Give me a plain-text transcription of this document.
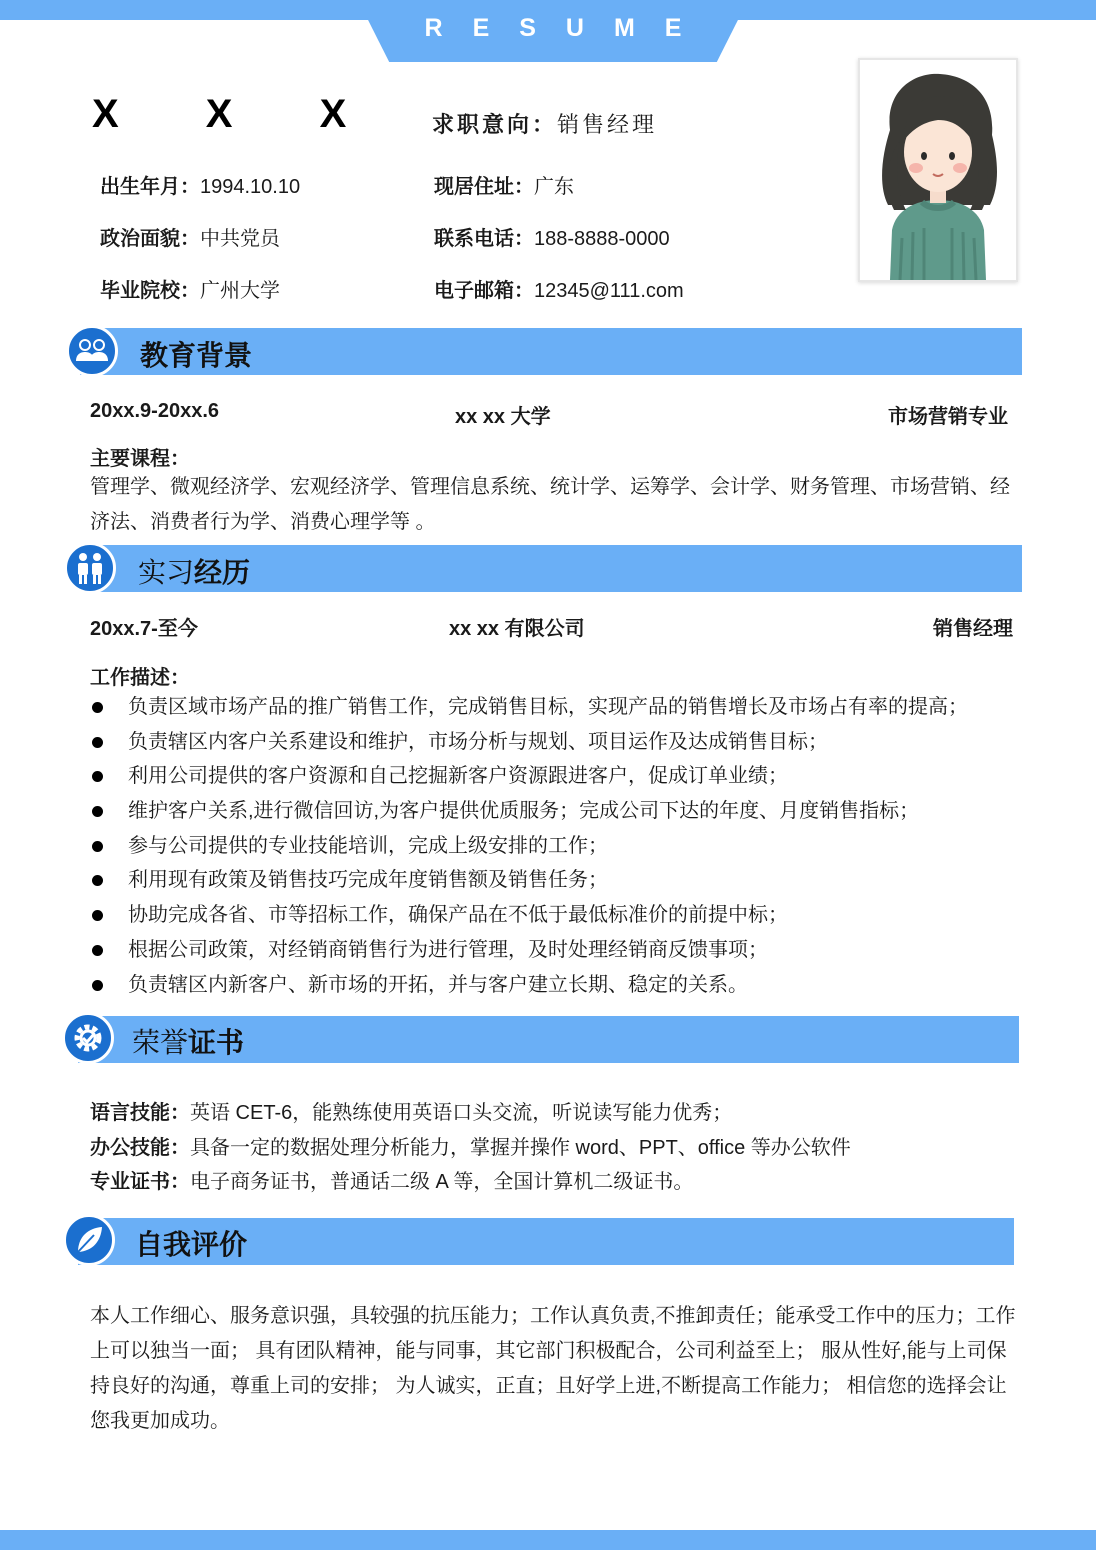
RESUME
X X X 求职意向：销售经理
出生年月：1994.10.10	现居住址：广东
政治面貌：中共党员	联系电话：188-8888-0000
毕业院校：广州大学	电子邮箱：12345@111.com
教育背景
20xx.9-20xx.6	xx xx 大学	市场营销专业
主要课程：
管理学、微观经济学、宏观经济学、管理信息系统、统计学、运筹学、会计学、财务管理、市场营销、经
济法、消费者行为学、消费心理学等 。
实习经历
20xx.7-至今	xx xx 有限公司	销售经理
工作描述：
负责区域市场产品的推广销售工作，完成销售目标，实现产品的销售增长及市场占有率的提高；
负责辖区内客户关系建设和维护，市场分析与规划、项目运作及达成销售目标；
利用公司提供的客户资源和自己挖掘新客户资源跟进客户，促成订单业绩；
维护客户关系,进行微信回访,为客户提供优质服务；完成公司下达的年度、月度销售指标；
参与公司提供的专业技能培训，完成上级安排的工作；
利用现有政策及销售技巧完成年度销售额及销售任务；
协助完成各省、市等招标工作，确保产品在不低于最低标准价的前提中标；
根据公司政策，对经销商销售行为进行管理，及时处理经销商反馈事项；
负责辖区内新客户、新市场的开拓，并与客户建立长期、稳定的关系。
荣誉证书
语言技能：英语 CET-6，能熟练使用英语口头交流，听说读写能力优秀；
办公技能：具备一定的数据处理分析能力，掌握并操作 word、PPT、office 等办公软件
专业证书：电子商务证书，普通话二级 A 等，全国计算机二级证书。
自我评价
本人工作细心、服务意识强，具较强的抗压能力；工作认真负责,不推卸责任；能承受工作中的压力；工作
上可以独当一面； 具有团队精神，能与同事，其它部门积极配合，公司利益至上； 服从性好,能与上司保
持良好的沟通，尊重上司的安排； 为人诚实，正直；且好学上进,不断提高工作能力； 相信您的选择会让
您我更加成功。
